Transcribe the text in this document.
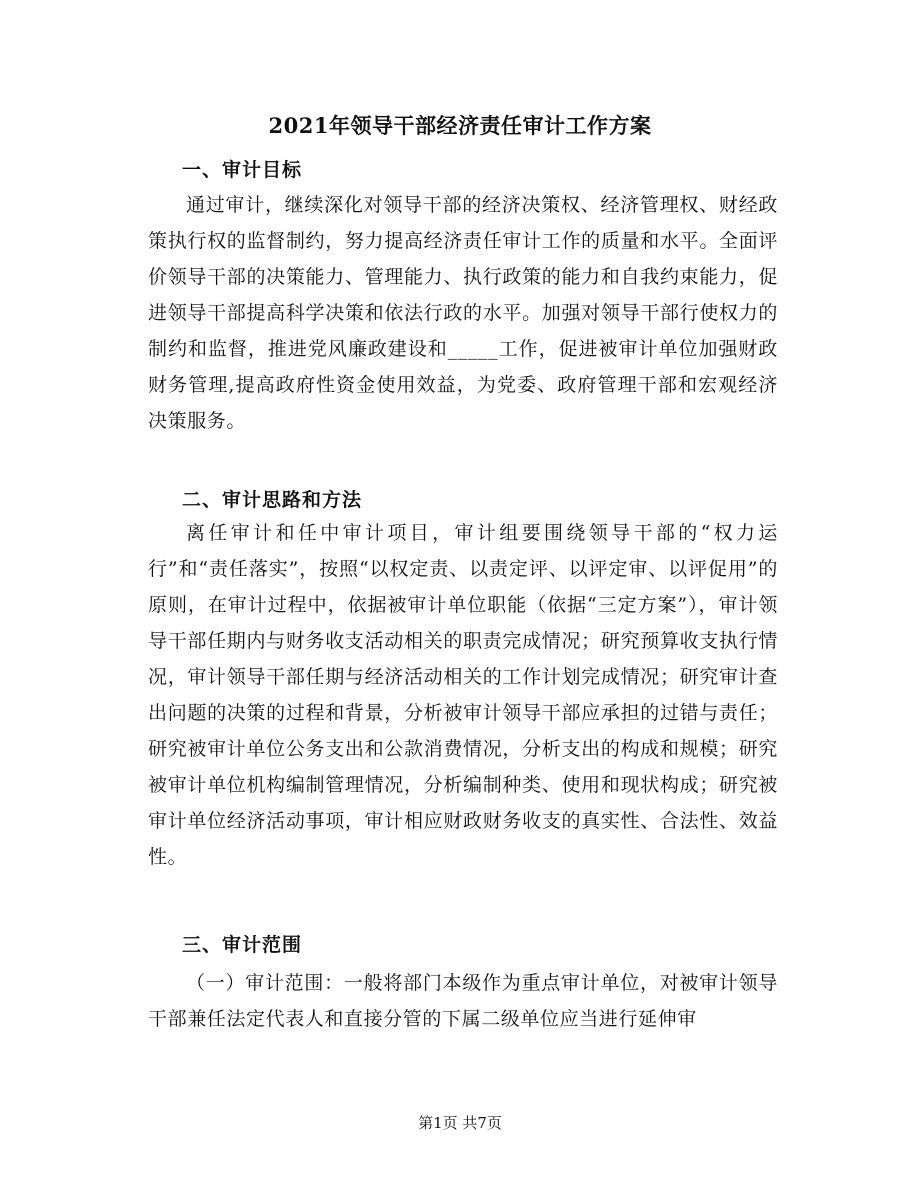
2021年领导干部经济责任审计工作方案
一、审计目标
通过审计，继续深化对领导干部的经济决策权、经济管理权、财经政策执行权的监督制约，努力提高经济责任审计工作的质量和水平。全面评价领导干部的决策能力、管理能力、执行政策的能力和自我约束能力，促进领导干部提高科学决策和依法行政的水平。加强对领导干部行使权力的制约和监督，推进党风廉政建设和_____工作，促进被审计单位加强财政财务管理,提高政府性资金使用效益，为党委、政府管理干部和宏观经济决策服务。
二、审计思路和方法
离任审计和任中审计项目，审计组要围绕领导干部的“权力运行”和“责任落实”，按照“以权定责、以责定评、以评定审、以评促用”的原则，在审计过程中，依据被审计单位职能（依据“三定方案”），审计领导干部任期内与财务收支活动相关的职责完成情况；研究预算收支执行情况，审计领导干部任期与经济活动相关的工作计划完成情况；研究审计查出问题的决策的过程和背景，分析被审计领导干部应承担的过错与责任；研究被审计单位公务支出和公款消费情况，分析支出的构成和规模；研究被审计单位机构编制管理情况，分析编制种类、使用和现状构成；研究被审计单位经济活动事项，审计相应财政财务收支的真实性、合法性、效益性。
三、审计范围
（一）审计范围：一般将部门本级作为重点审计单位，对被审计领导干部兼任法定代表人和直接分管的下属二级单位应当进行延伸审
第1页 共7页
